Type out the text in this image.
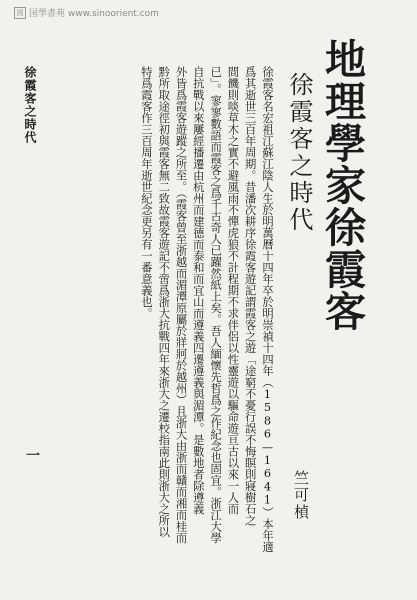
國 国學書苑 www.sinoorient.com
地理學家徐霞客
徐霞客之時代
竺可楨
徐霞客之時代
一	徐霞客名宏祖江蘇江陰人生於明萬曆十四年卒於明崇禎十四年（1586—1641）本年適

爲其逝世三百年周期。昔潘次耕序徐霞客遊記謂霞客之遊「途窮不憂行誤不悔瞑則寢樹石之

間饑則啖草木之實不避風雨不憚虎狼不計程期不求伴侶以性靈遊以驅命遊亘古以來一人而

已」。寥寥數語而霞客之爲千古奇人已躍然紙上矣。吾人緬懷先哲爲之作紀念也固宜。浙江大學

自抗戰以來屢經播遷由杭州而建德而泰和而宜山而遵義四遷遵義與湄潭。是數地者除遵義

外皆爲霞客遊蹤之所至。（霞客曾至浙越而湄潭原屬於牂牁於越州）且浙大由浙而贛而湘而桂而

黔所取途徑初與霞客無二致故霞客遊記不啻爲浙大抗戰四年來浙大之遷校指南此則浙大之所以

特爲霞客作三百周年逝世紀念更另有一番意義也。
